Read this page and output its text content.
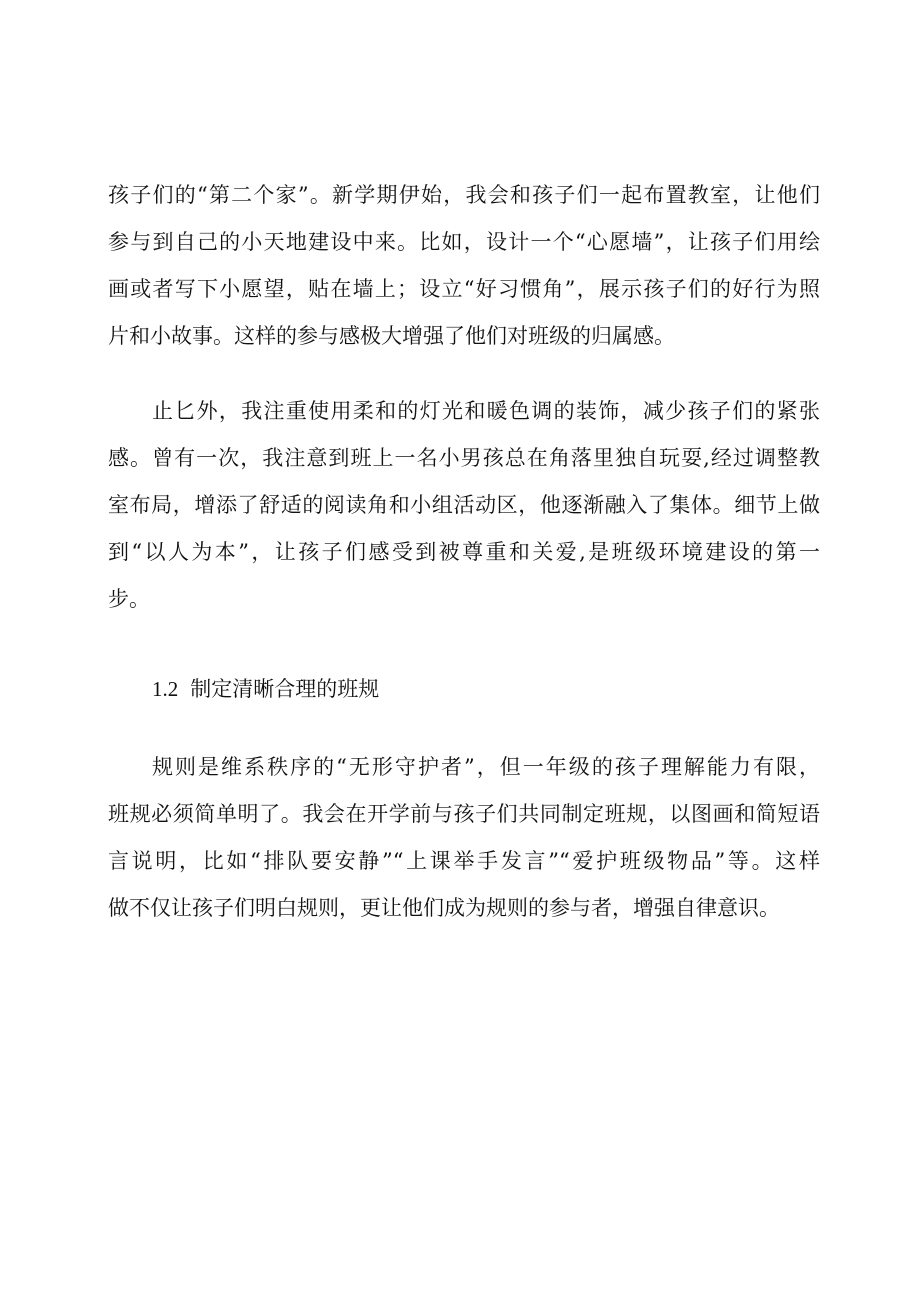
孩子们的“第二个家”。新学期伊始，我会和孩子们一起布置教室，让他们
参与到自己的小天地建设中来。比如，设计一个“心愿墙”，让孩子们用绘
画或者写下小愿望，贴在墙上；设立“好习惯角”，展示孩子们的好行为照
片和小故事。这样的参与感极大增强了他们对班级的归属感。
止匕外，我注重使用柔和的灯光和暖色调的装饰，减少孩子们的紧张
感。曾有一次，我注意到班上一名小男孩总在角落里独自玩耍,经过调整教
室布局，增添了舒适的阅读角和小组活动区，他逐渐融入了集体。细节上做
到“以人为本”，让孩子们感受到被尊重和关爱,是班级环境建设的第一
步。
1.2 制定清晰合理的班规
规则是维系秩序的“无形守护者”，但一年级的孩子理解能力有限，
班规必须简单明了。我会在开学前与孩子们共同制定班规，以图画和简短语
言说明，比如“排队要安静”“上课举手发言”“爱护班级物品”等。这样
做不仅让孩子们明白规则，更让他们成为规则的参与者，增强自律意识。
